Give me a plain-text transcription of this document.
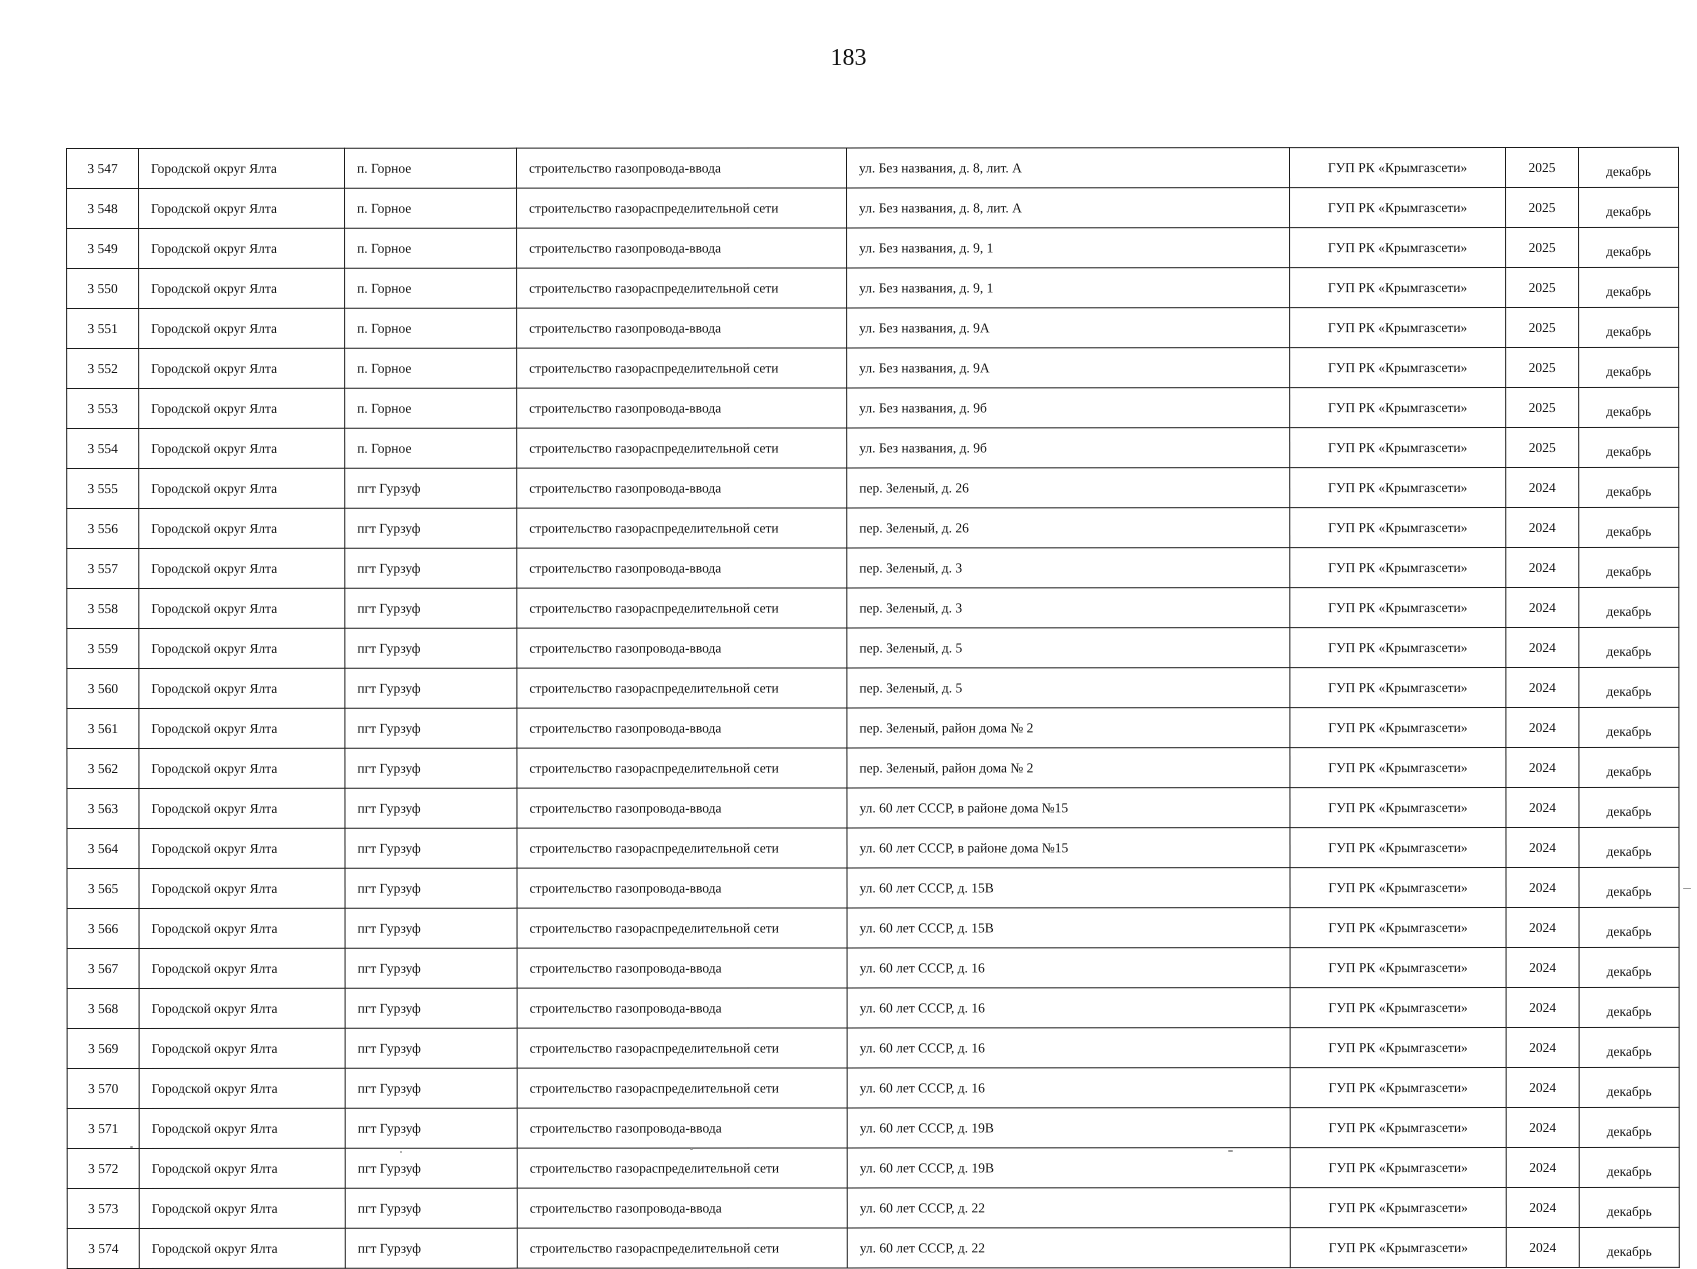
183
3 547	Городской округ Ялта	п. Горное	строительство газопровода-ввода	ул. Без названия, д. 8, лит. А	ГУП РК «Крымгазсети»	2025	декабрь
3 548	Городской округ Ялта	п. Горное	строительство газораспределительной сети	ул. Без названия, д. 8, лит. А	ГУП РК «Крымгазсети»	2025	декабрь
3 549	Городской округ Ялта	п. Горное	строительство газопровода-ввода	ул. Без названия, д. 9, 1	ГУП РК «Крымгазсети»	2025	декабрь
3 550	Городской округ Ялта	п. Горное	строительство газораспределительной сети	ул. Без названия, д. 9, 1	ГУП РК «Крымгазсети»	2025	декабрь
3 551	Городской округ Ялта	п. Горное	строительство газопровода-ввода	ул. Без названия, д. 9А	ГУП РК «Крымгазсети»	2025	декабрь
3 552	Городской округ Ялта	п. Горное	строительство газораспределительной сети	ул. Без названия, д. 9А	ГУП РК «Крымгазсети»	2025	декабрь
3 553	Городской округ Ялта	п. Горное	строительство газопровода-ввода	ул. Без названия, д. 9б	ГУП РК «Крымгазсети»	2025	декабрь
3 554	Городской округ Ялта	п. Горное	строительство газораспределительной сети	ул. Без названия, д. 9б	ГУП РК «Крымгазсети»	2025	декабрь
3 555	Городской округ Ялта	пгт Гурзуф	строительство газопровода-ввода	пер. Зеленый, д. 26	ГУП РК «Крымгазсети»	2024	декабрь
3 556	Городской округ Ялта	пгт Гурзуф	строительство газораспределительной сети	пер. Зеленый, д. 26	ГУП РК «Крымгазсети»	2024	декабрь
3 557	Городской округ Ялта	пгт Гурзуф	строительство газопровода-ввода	пер. Зеленый, д. 3	ГУП РК «Крымгазсети»	2024	декабрь
3 558	Городской округ Ялта	пгт Гурзуф	строительство газораспределительной сети	пер. Зеленый, д. 3	ГУП РК «Крымгазсети»	2024	декабрь
3 559	Городской округ Ялта	пгт Гурзуф	строительство газопровода-ввода	пер. Зеленый, д. 5	ГУП РК «Крымгазсети»	2024	декабрь
3 560	Городской округ Ялта	пгт Гурзуф	строительство газораспределительной сети	пер. Зеленый, д. 5	ГУП РК «Крымгазсети»	2024	декабрь
3 561	Городской округ Ялта	пгт Гурзуф	строительство газопровода-ввода	пер. Зеленый, район дома № 2	ГУП РК «Крымгазсети»	2024	декабрь
3 562	Городской округ Ялта	пгт Гурзуф	строительство газораспределительной сети	пер. Зеленый, район дома № 2	ГУП РК «Крымгазсети»	2024	декабрь
3 563	Городской округ Ялта	пгт Гурзуф	строительство газопровода-ввода	ул. 60 лет СССР, в районе дома №15	ГУП РК «Крымгазсети»	2024	декабрь
3 564	Городской округ Ялта	пгт Гурзуф	строительство газораспределительной сети	ул. 60 лет СССР, в районе дома №15	ГУП РК «Крымгазсети»	2024	декабрь
3 565	Городской округ Ялта	пгт Гурзуф	строительство газопровода-ввода	ул. 60 лет СССР, д. 15В	ГУП РК «Крымгазсети»	2024	декабрь
3 566	Городской округ Ялта	пгт Гурзуф	строительство газораспределительной сети	ул. 60 лет СССР, д. 15В	ГУП РК «Крымгазсети»	2024	декабрь
3 567	Городской округ Ялта	пгт Гурзуф	строительство газопровода-ввода	ул. 60 лет СССР, д. 16	ГУП РК «Крымгазсети»	2024	декабрь
3 568	Городской округ Ялта	пгт Гурзуф	строительство газопровода-ввода	ул. 60 лет СССР, д. 16	ГУП РК «Крымгазсети»	2024	декабрь
3 569	Городской округ Ялта	пгт Гурзуф	строительство газораспределительной сети	ул. 60 лет СССР, д. 16	ГУП РК «Крымгазсети»	2024	декабрь
3 570	Городской округ Ялта	пгт Гурзуф	строительство газораспределительной сети	ул. 60 лет СССР, д. 16	ГУП РК «Крымгазсети»	2024	декабрь
3 571	Городской округ Ялта	пгт Гурзуф	строительство газопровода-ввода	ул. 60 лет СССР, д. 19В	ГУП РК «Крымгазсети»	2024	декабрь
3 572	Городской округ Ялта	пгт Гурзуф	строительство газораспределительной сети	ул. 60 лет СССР, д. 19В	ГУП РК «Крымгазсети»	2024	декабрь
3 573	Городской округ Ялта	пгт Гурзуф	строительство газопровода-ввода	ул. 60 лет СССР, д. 22	ГУП РК «Крымгазсети»	2024	декабрь
3 574	Городской округ Ялта	пгт Гурзуф	строительство газораспределительной сети	ул. 60 лет СССР, д. 22	ГУП РК «Крымгазсети»	2024	декабрь
